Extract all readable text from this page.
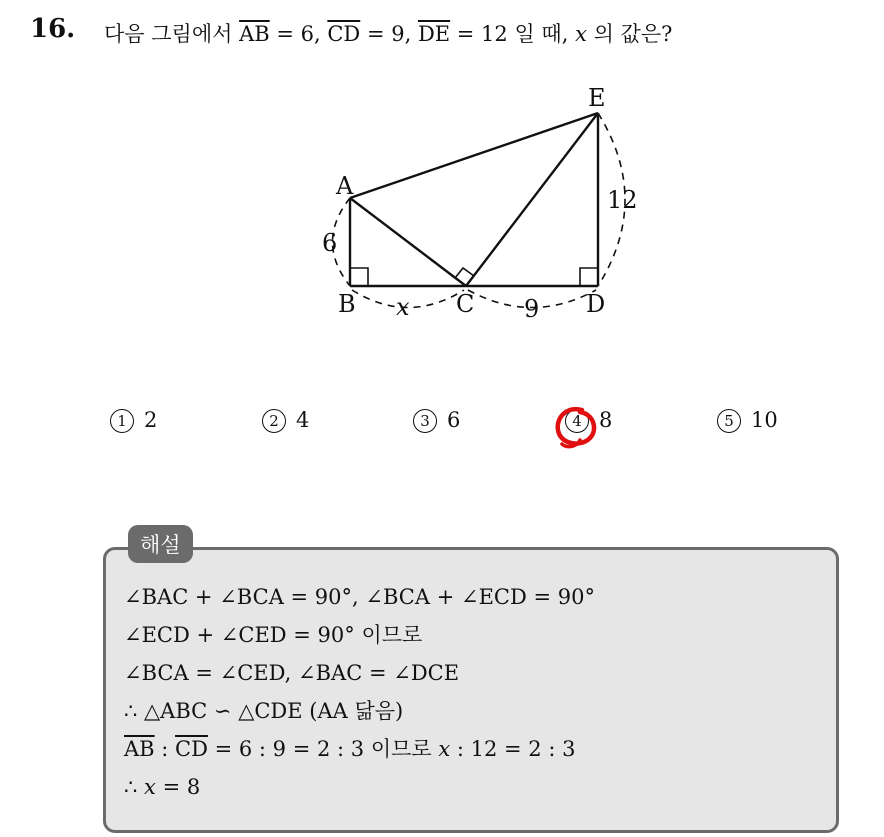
16. 다음 그림에서 $\overline{AB} = 6$, $\overline{CD} = 9$, $\overline{DE} = 12$ 일 때, x 의 값은?
A
B	C	D
E
6
12
x	9
1 2	2 4	3 6	4 8	5 10
해설
∠BAC + ∠BCA = 90°, ∠BCA + ∠ECD = 90°
∠ECD + ∠CED = 90° 이므로
∠BCA = ∠CED, ∠BAC = ∠DCE
∴ △ABC ∽ △CDE (AA 닮음)
$\overline{AB}$ : $\overline{CD} = 6$ : 9 = 2 : 3 이므로 x : 12 = 2 : 3
∴ x = 8
